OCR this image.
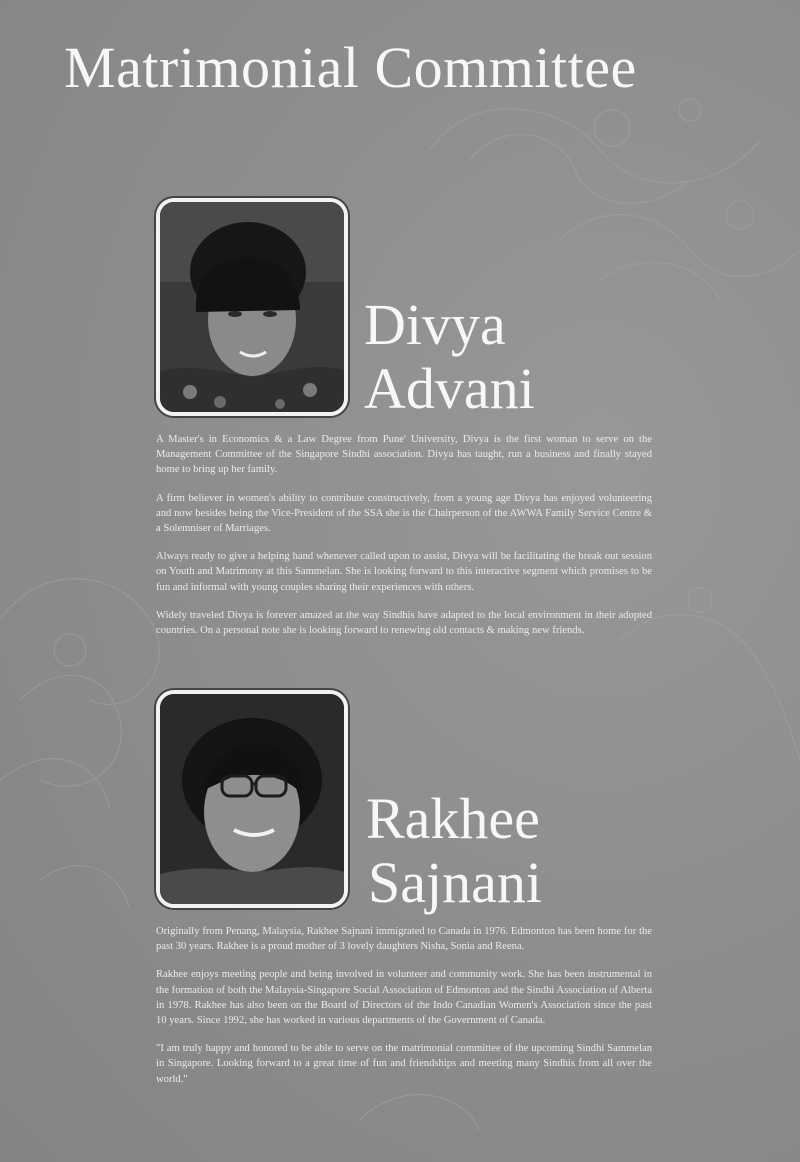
Matrimonial Committee
Divya
Advani

A Master's in Economics & a Law Degree from Pune' University, Divya is the first woman to serve on the Management Committee of the Singapore Sindhi association. Divya has taught, run a business and finally stayed home to bring up her family.

A firm believer in women's ability to contribute constructively, from a young age Divya has enjoyed volunteering and now besides being the Vice-President of the SSA she is the Chairperson of the AWWA Family Service Centre & a Solemniser of Marriages.

Always ready to give a helping hand whenever called upon to assist, Divya will be facilitating the break out session on Youth and Matrimony at this Sammelan. She is looking forward to this interactive segment which promises to be fun and informal with young couples sharing their experiences with others.

Widely traveled Divya is forever amazed at the way Sindhis have adapted to the local environment in their adopted countries. On a personal note she is looking forward to renewing old contacts & making new friends.

Rakhee
Sajnani

Originally from Penang, Malaysia, Rakhee Sajnani immigrated to Canada in 1976. Edmonton has been home for the past 30 years. Rakhee is a proud mother of 3 lovely daughters Nisha, Sonia and Reena.

Rakhee enjoys meeting people and being involved in volunteer and community work. She has been instrumental in the formation of both the Malaysia-Singapore Social Association of Edmonton and the Sindhi Association of Alberta in 1978. Rakhee has also been on the Board of Directors of the Indo Canadian Women's Association since the past 10 years. Since 1992, she has worked in various departments of the Government of Canada.

"I am truly happy and honored to be able to serve on the matrimonial committee of the upcoming Sindhi Sammelan in Singapore. Looking forward to a great time of fun and friendships and meeting many Sindhis from all over the world."
